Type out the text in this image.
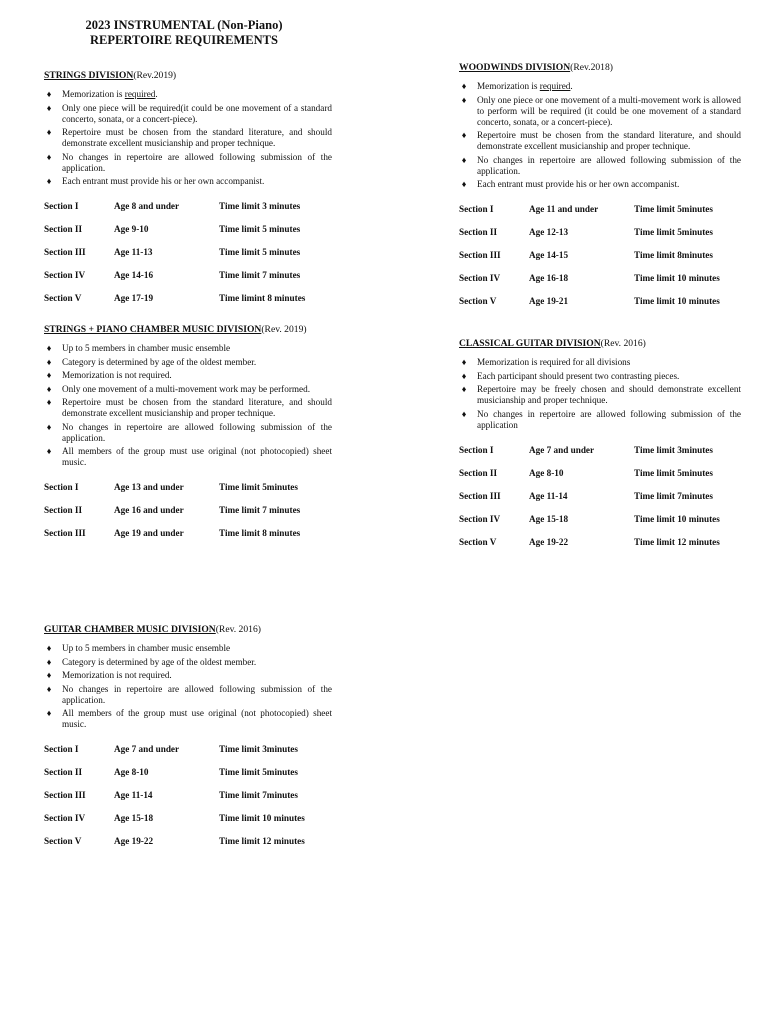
2023 INSTRUMENTAL (Non-Piano)
REPERTOIRE REQUIREMENTS
STRINGS DIVISION(Rev.2019)
♦ Memorization is required.
♦ Only one piece will be required(it could be one movement of a standard concerto, sonata, or a concert-piece).
♦ Repertoire must be chosen from the standard literature, and should demonstrate excellent musicianship and proper technique.
♦ No changes in repertoire are allowed following submission of the application.
♦ Each entrant must provide his or her own accompanist.
Section I	Age 8 and under	Time limit 3 minutes
Section II	Age 9-10	Time limit 5 minutes
Section III	Age 11-13	Time limit 5 minutes
Section IV	Age 14-16	Time limit 7 minutes
Section V	Age 17-19	Time limint 8 minutes
STRINGS + PIANO CHAMBER MUSIC DIVISION(Rev. 2019)
♦ Up to 5 members in chamber music ensemble
♦ Category is determined by age of the oldest member.
♦ Memorization is not required.
♦ Only one movement of a multi-movement work may be performed.
♦ Repertoire must be chosen from the standard literature, and should demonstrate excellent musicianship and proper technique.
♦ No changes in repertoire are allowed following submission of the application.
♦ All members of the group must use original (not photocopied) sheet music.
Section I	Age 13 and under	Time limit 5minutes
Section II	Age 16 and under	Time limit 7 minutes
Section III	Age 19 and under	Time limit 8 minutes
GUITAR CHAMBER MUSIC DIVISION(Rev. 2016)
♦ Up to 5 members in chamber music ensemble
♦ Category is determined by age of the oldest member.
♦ Memorization is not required.
♦ No changes in repertoire are allowed following submission of the application.
♦ All members of the group must use original (not photocopied) sheet music.
Section I	Age 7 and under	Time limit 3minutes
Section II	Age 8-10	Time limit 5minutes
Section III	Age 11-14	Time limit 7minutes
Section IV	Age 15-18	Time limit 10 minutes
Section V	Age 19-22	Time limit 12 minutes
WOODWINDS DIVISION(Rev.2018)
♦ Memorization is required.
♦ Only one piece or one movement of a multi-movement work is allowed to perform will be required (it could be one movement of a standard concerto, sonata, or a concert-piece).
♦ Repertoire must be chosen from the standard literature, and should demonstrate excellent musicianship and proper technique.
♦ No changes in repertoire are allowed following submission of the application.
♦ Each entrant must provide his or her own accompanist.
Section I	Age 11 and under	Time limit 5minutes
Section II	Age 12-13	Time limit 5minutes
Section III	Age 14-15	Time limit 8minutes
Section IV	Age 16-18	Time limit 10 minutes
Section V	Age 19-21	Time limit 10 minutes
CLASSICAL GUITAR DIVISION(Rev. 2016)
♦ Memorization is required for all divisions
♦ Each participant should present two contrasting pieces.
♦ Repertoire may be freely chosen and should demonstrate excellent musicianship and proper technique.
♦ No changes in repertoire are allowed following submission of the application
Section I	Age 7 and under	Time limit 3minutes
Section II	Age 8-10	Time limit 5minutes
Section III	Age 11-14	Time limit 7minutes
Section IV	Age 15-18	Time limit 10 minutes
Section V	Age 19-22	Time limit 12 minutes
